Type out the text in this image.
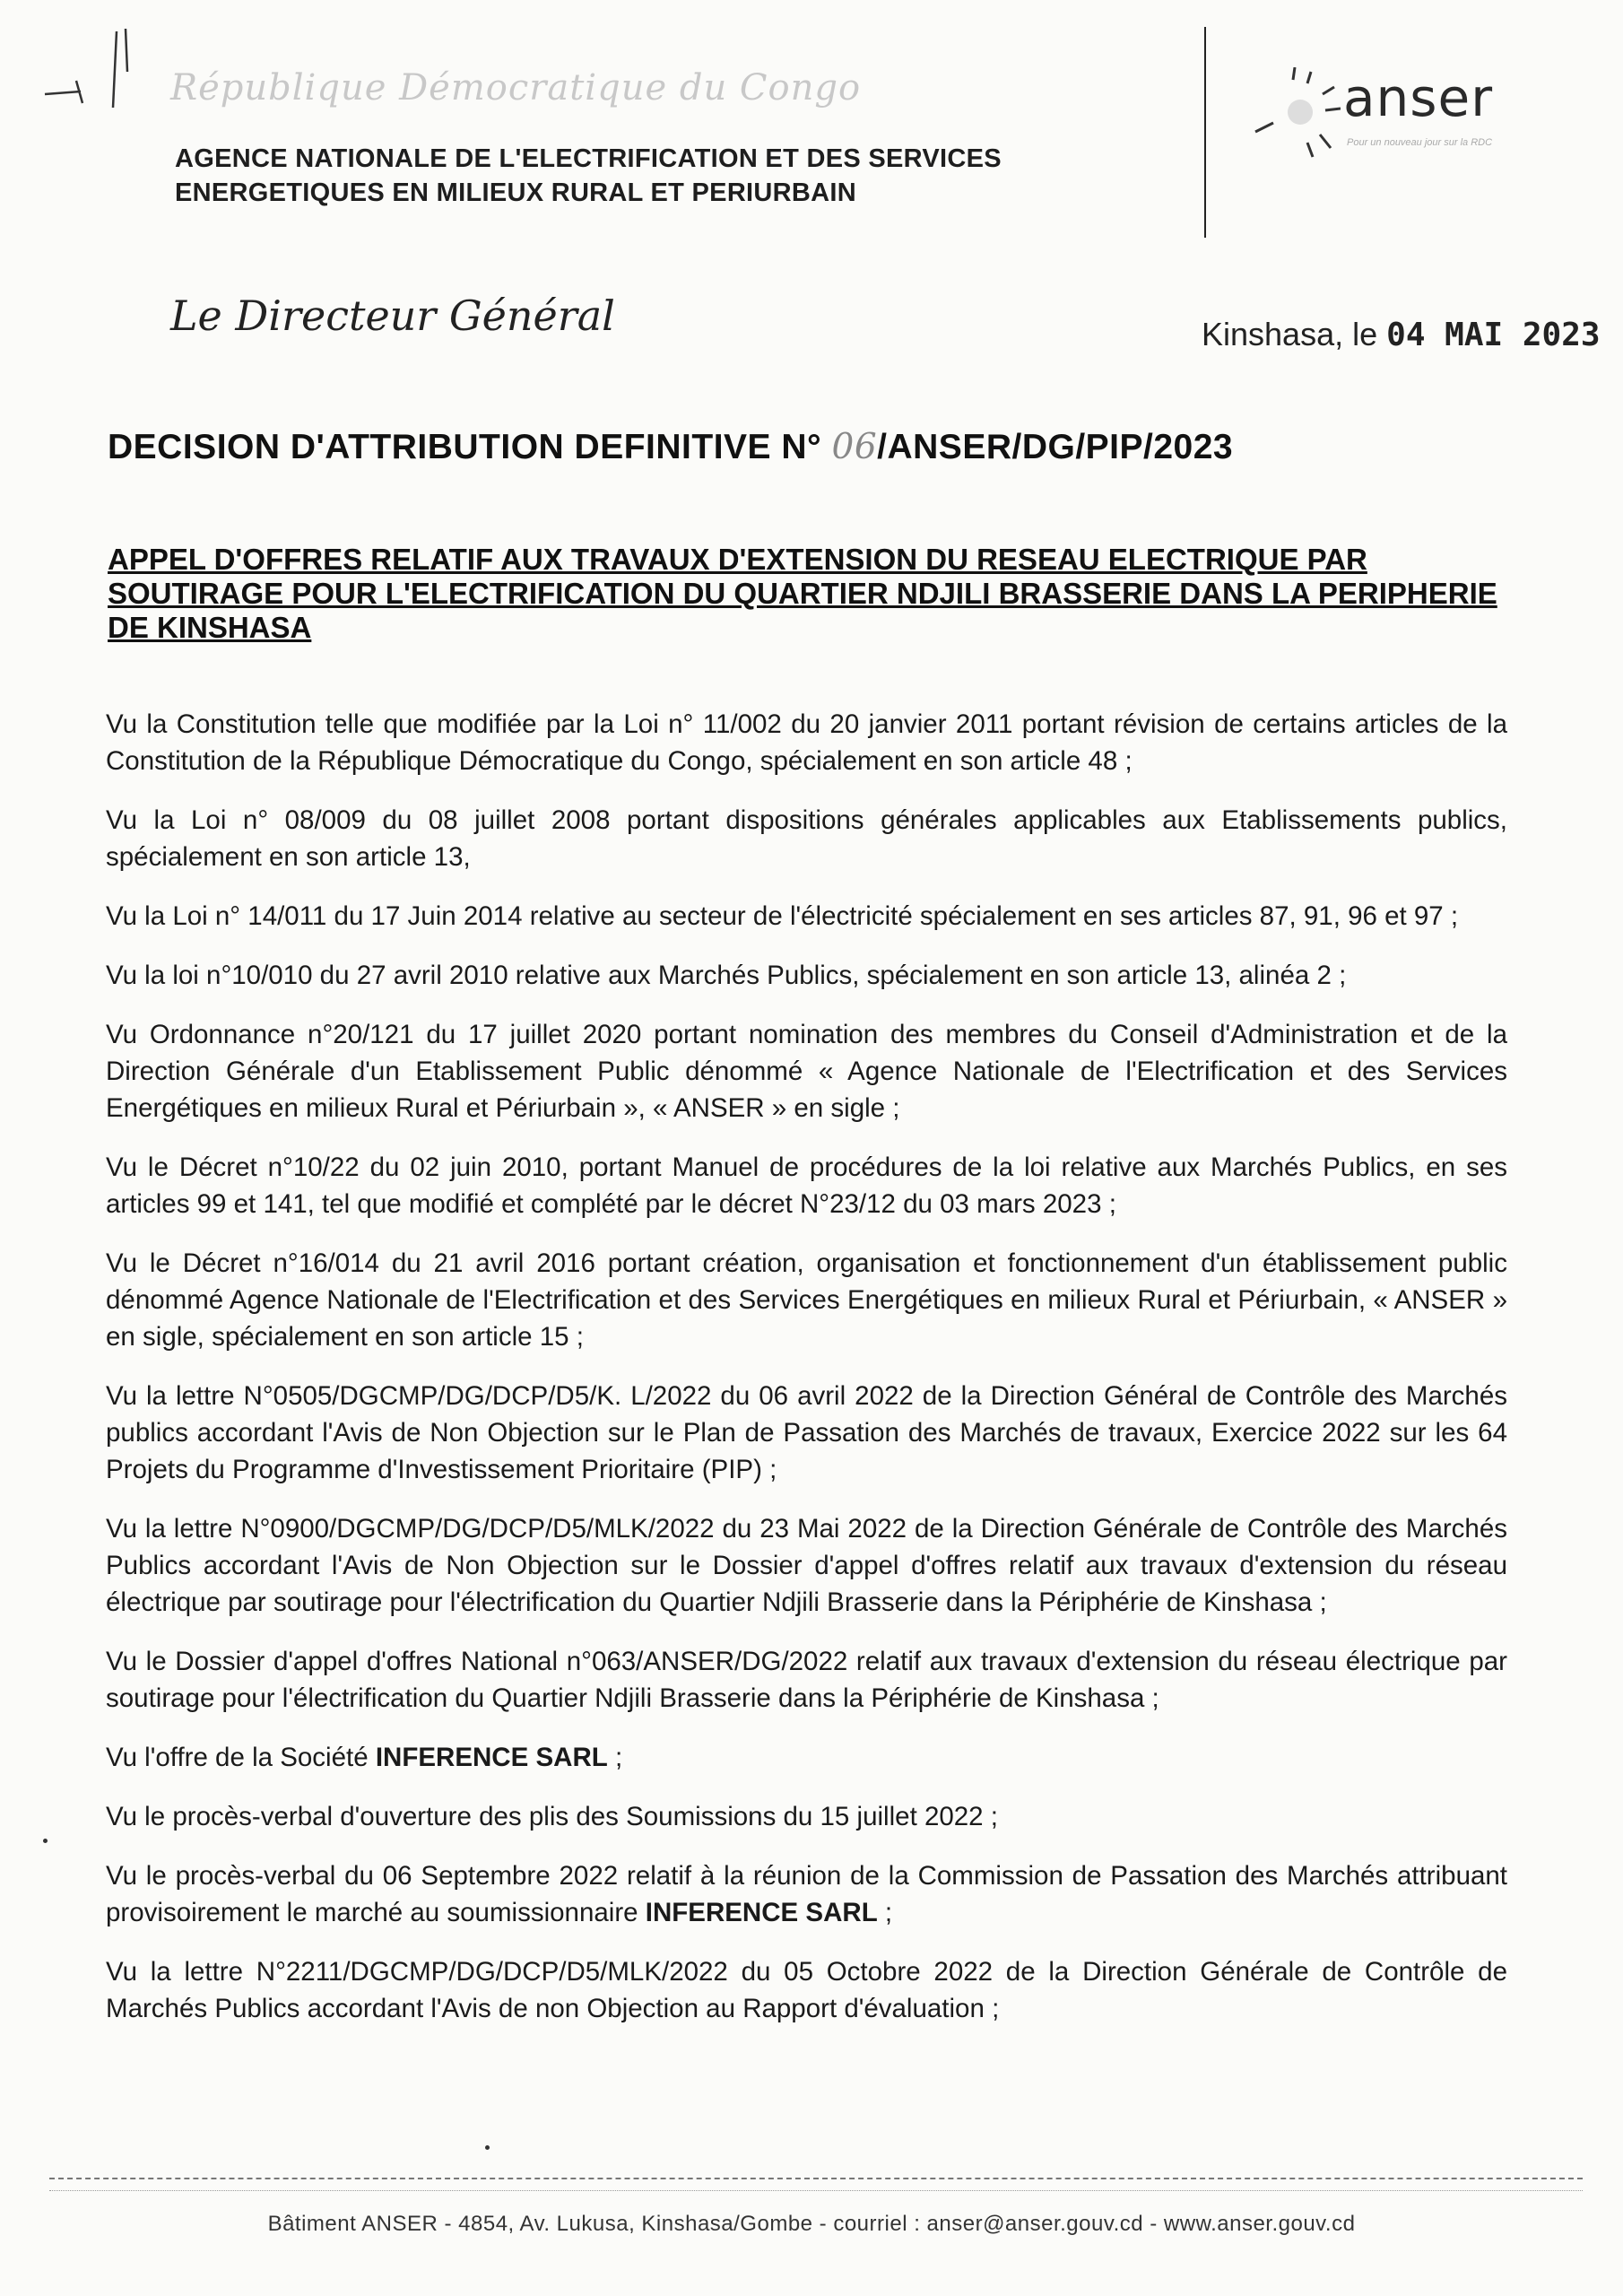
République Démocratique du Congo
AGENCE NATIONALE DE L'ELECTRIFICATION ET DES SERVICES
ENERGETIQUES EN MILIEUX RURAL ET PERIURBAIN
anser
Pour un nouveau jour sur la RDC
Le Directeur Général	Kinshasa, le 04 MAI 2023
DECISION D'ATTRIBUTION DEFINITIVE N° 06/ANSER/DG/PIP/2023
APPEL D'OFFRES RELATIF AUX TRAVAUX D'EXTENSION DU RESEAU ELECTRIQUE PAR SOUTIRAGE POUR L'ELECTRIFICATION DU QUARTIER NDJILI BRASSERIE DANS LA PERIPHERIE DE KINSHASA

Vu la Constitution telle que modifiée par la Loi n° 11/002 du 20 janvier 2011 portant révision de certains articles de la Constitution de la République Démocratique du Congo, spécialement en son article 48 ;

Vu la Loi n° 08/009 du 08 juillet 2008 portant dispositions générales applicables aux Etablissements publics, spécialement en son article 13,

Vu la Loi n° 14/011 du 17 Juin 2014 relative au secteur de l'électricité spécialement en ses articles 87, 91, 96 et 97 ;

Vu la loi n°10/010 du 27 avril 2010 relative aux Marchés Publics, spécialement en son article 13, alinéa 2 ;

Vu Ordonnance n°20/121 du 17 juillet 2020 portant nomination des membres du Conseil d'Administration et de la Direction Générale d'un Etablissement Public dénommé « Agence Nationale de l'Electrification et des Services Energétiques en milieux Rural et Périurbain », « ANSER » en sigle ;

Vu le Décret n°10/22 du 02 juin 2010, portant Manuel de procédures de la loi relative aux Marchés Publics, en ses articles 99 et 141, tel que modifié et complété par le décret N°23/12 du 03 mars 2023 ;

Vu le Décret n°16/014 du 21 avril 2016 portant création, organisation et fonctionnement d'un établissement public dénommé Agence Nationale de l'Electrification et des Services Energétiques en milieux Rural et Périurbain, « ANSER » en sigle, spécialement en son article 15 ;

Vu la lettre N°0505/DGCMP/DG/DCP/D5/K. L/2022 du 06 avril 2022 de la Direction Général de Contrôle des Marchés publics accordant l'Avis de Non Objection sur le Plan de Passation des Marchés de travaux, Exercice 2022 sur les 64 Projets du Programme d'Investissement Prioritaire (PIP) ;

Vu la lettre N°0900/DGCMP/DG/DCP/D5/MLK/2022 du 23 Mai 2022 de la Direction Générale de Contrôle des Marchés Publics accordant l'Avis de Non Objection sur le Dossier d'appel d'offres relatif aux travaux d'extension du réseau électrique par soutirage pour l'électrification du Quartier Ndjili Brasserie dans la Périphérie de Kinshasa ;

Vu le Dossier d'appel d'offres National n°063/ANSER/DG/2022 relatif aux travaux d'extension du réseau électrique par soutirage pour l'électrification du Quartier Ndjili Brasserie dans la Périphérie de Kinshasa ;

Vu l'offre de la Société INFERENCE SARL ;

Vu le procès-verbal d'ouverture des plis des Soumissions du 15 juillet 2022 ;

Vu le procès-verbal du 06 Septembre 2022 relatif à la réunion de la Commission de Passation des Marchés attribuant provisoirement le marché au soumissionnaire INFERENCE SARL ;

Vu la lettre N°2211/DGCMP/DG/DCP/D5/MLK/2022 du 05 Octobre 2022 de la Direction Générale de Contrôle de Marchés Publics accordant l'Avis de non Objection au Rapport d'évaluation ;

Bâtiment ANSER - 4854, Av. Lukusa, Kinshasa/Gombe - courriel : anser@anser.gouv.cd - www.anser.gouv.cd
